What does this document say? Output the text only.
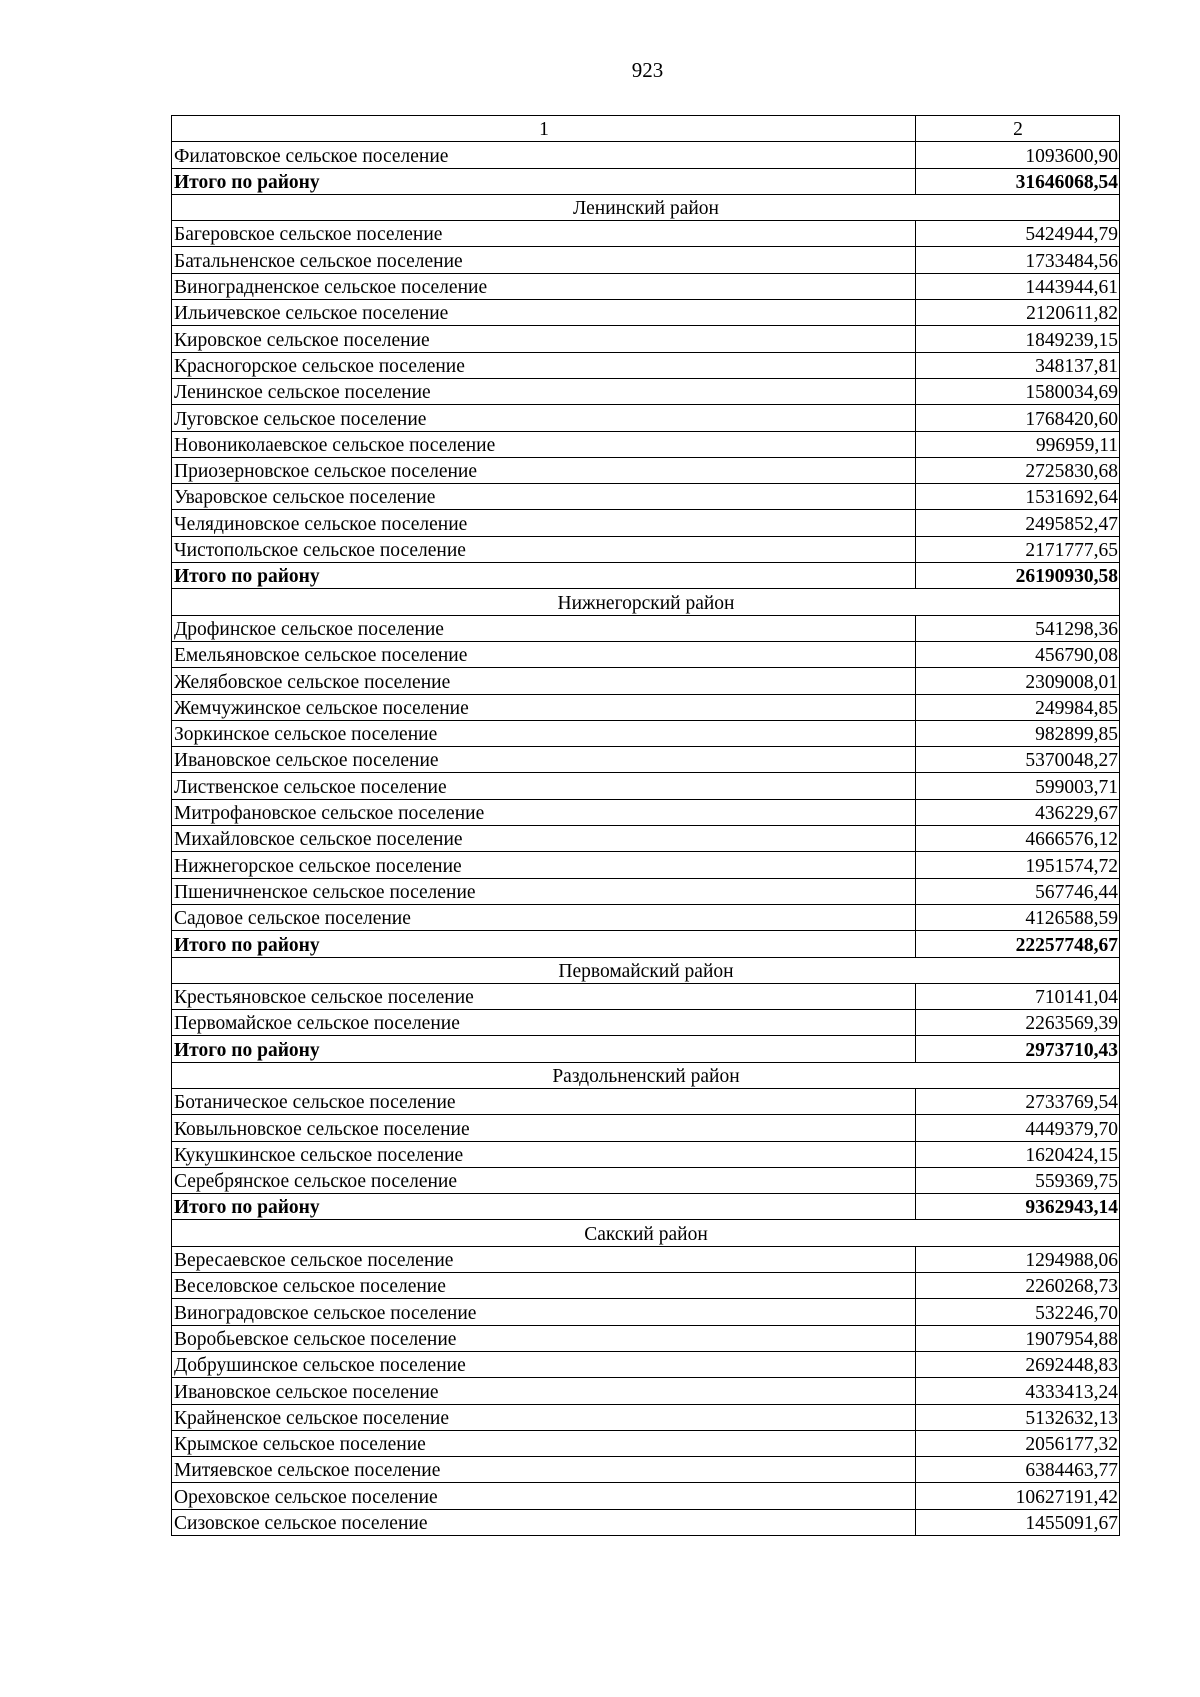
923
1	2
Филатовское сельское поселение	1093600,90
Итого по району	31646068,54
Ленинский район	
Багеровское сельское поселение	5424944,79
Батальненское сельское поселение	1733484,56
Виноградненское сельское поселение	1443944,61
Ильичевское сельское поселение	2120611,82
Кировское сельское поселение	1849239,15
Красногорское сельское поселение	348137,81
Ленинское сельское поселение	1580034,69
Луговское сельское поселение	1768420,60
Новониколаевское сельское поселение	996959,11
Приозерновское сельское поселение	2725830,68
Уваровское сельское поселение	1531692,64
Челядиновское сельское поселение	2495852,47
Чистопольское сельское поселение	2171777,65
Итого по району	26190930,58
Нижнегорский район	
Дрофинское сельское поселение	541298,36
Емельяновское сельское поселение	456790,08
Желябовское сельское поселение	2309008,01
Жемчужинское сельское поселение	249984,85
Зоркинское сельское поселение	982899,85
Ивановское сельское поселение	5370048,27
Лиственское сельское поселение	599003,71
Митрофановское сельское поселение	436229,67
Михайловское сельское поселение	4666576,12
Нижнегорское сельское поселение	1951574,72
Пшеничненское сельское поселение	567746,44
Садовое сельское поселение	4126588,59
Итого по району	22257748,67
Первомайский район	
Крестьяновское сельское поселение	710141,04
Первомайское сельское поселение	2263569,39
Итого по району	2973710,43
Раздольненский район	
Ботаническое сельское поселение	2733769,54
Ковыльновское сельское поселение	4449379,70
Кукушкинское сельское поселение	1620424,15
Серебрянское сельское поселение	559369,75
Итого по району	9362943,14
Сакский район	
Вересаевское сельское поселение	1294988,06
Веселовское сельское поселение	2260268,73
Виноградовское сельское поселение	532246,70
Воробьевское сельское поселение	1907954,88
Добрушинское сельское поселение	2692448,83
Ивановское сельское поселение	4333413,24
Крайненское сельское поселение	5132632,13
Крымское сельское поселение	2056177,32
Митяевское сельское поселение	6384463,77
Ореховское сельское поселение	10627191,42
Сизовское сельское поселение	1455091,67
